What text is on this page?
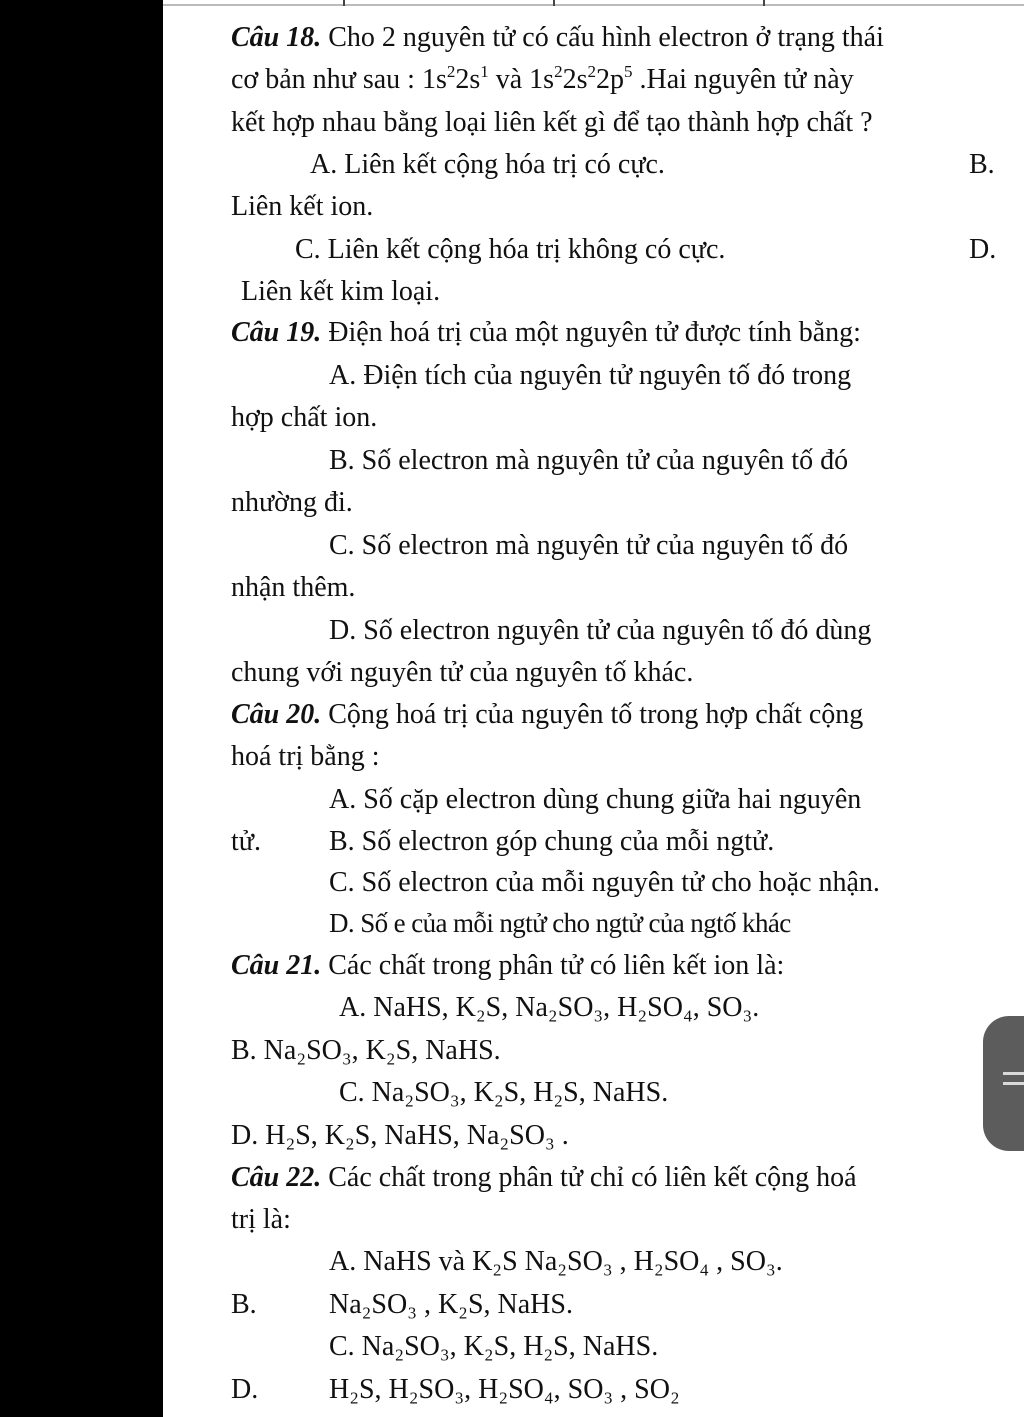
Câu 18. Cho 2 nguyên tử có cấu hình electron ở trạng thái
cơ bản như sau : $1s^22s^1$ và $1s^22s^22p^5$ .Hai nguyên tử này
kết hợp nhau bằng loại liên kết gì để tạo thành hợp chất ?
A. Liên kết cộng hóa trị có cực.	B.
Liên kết ion.
C. Liên kết cộng hóa trị không có cực.	D.
Liên kết kim loại.
Câu 19. Điện hoá trị của một nguyên tử được tính bằng:
A. Điện tích của nguyên tử nguyên tố đó trong
hợp chất ion.
B. Số electron mà nguyên tử của nguyên tố đó
nhường đi.
C. Số electron mà nguyên tử của nguyên tố đó
nhận thêm.
D. Số electron nguyên tử của nguyên tố đó dùng
chung với nguyên tử của nguyên tố khác.
Câu 20. Cộng hoá trị của nguyên tố trong hợp chất cộng
hoá trị bằng :
A. Số cặp electron dùng chung giữa hai nguyên
tử. B. Số electron góp chung của mỗi ngtử.
C. Số electron của mỗi nguyên tử cho hoặc nhận.
D. Số e của mỗi ngtử cho ngtử của ngtố khác
Câu 21. Các chất trong phân tử có liên kết ion là:
A. NaHS, K₂S, Na₂SO₃, H₂SO₄, SO₃.
B. Na₂SO₃, K₂S, NaHS.
C. Na₂SO₃, K₂S, H₂S, NaHS.
D. H₂S, K₂S, NaHS, Na₂SO₃ .
Câu 22. Các chất trong phân tử chỉ có liên kết cộng hoá
trị là:
A. NaHS và K₂S Na₂SO₃ , H₂SO₄ , SO₃.
B.	Na₂SO₃ , K₂S, NaHS.
C. Na₂SO₃, K₂S, H₂S, NaHS.
D.	H₂S, H₂SO₃, H₂SO₄, SO₃ , SO₂
